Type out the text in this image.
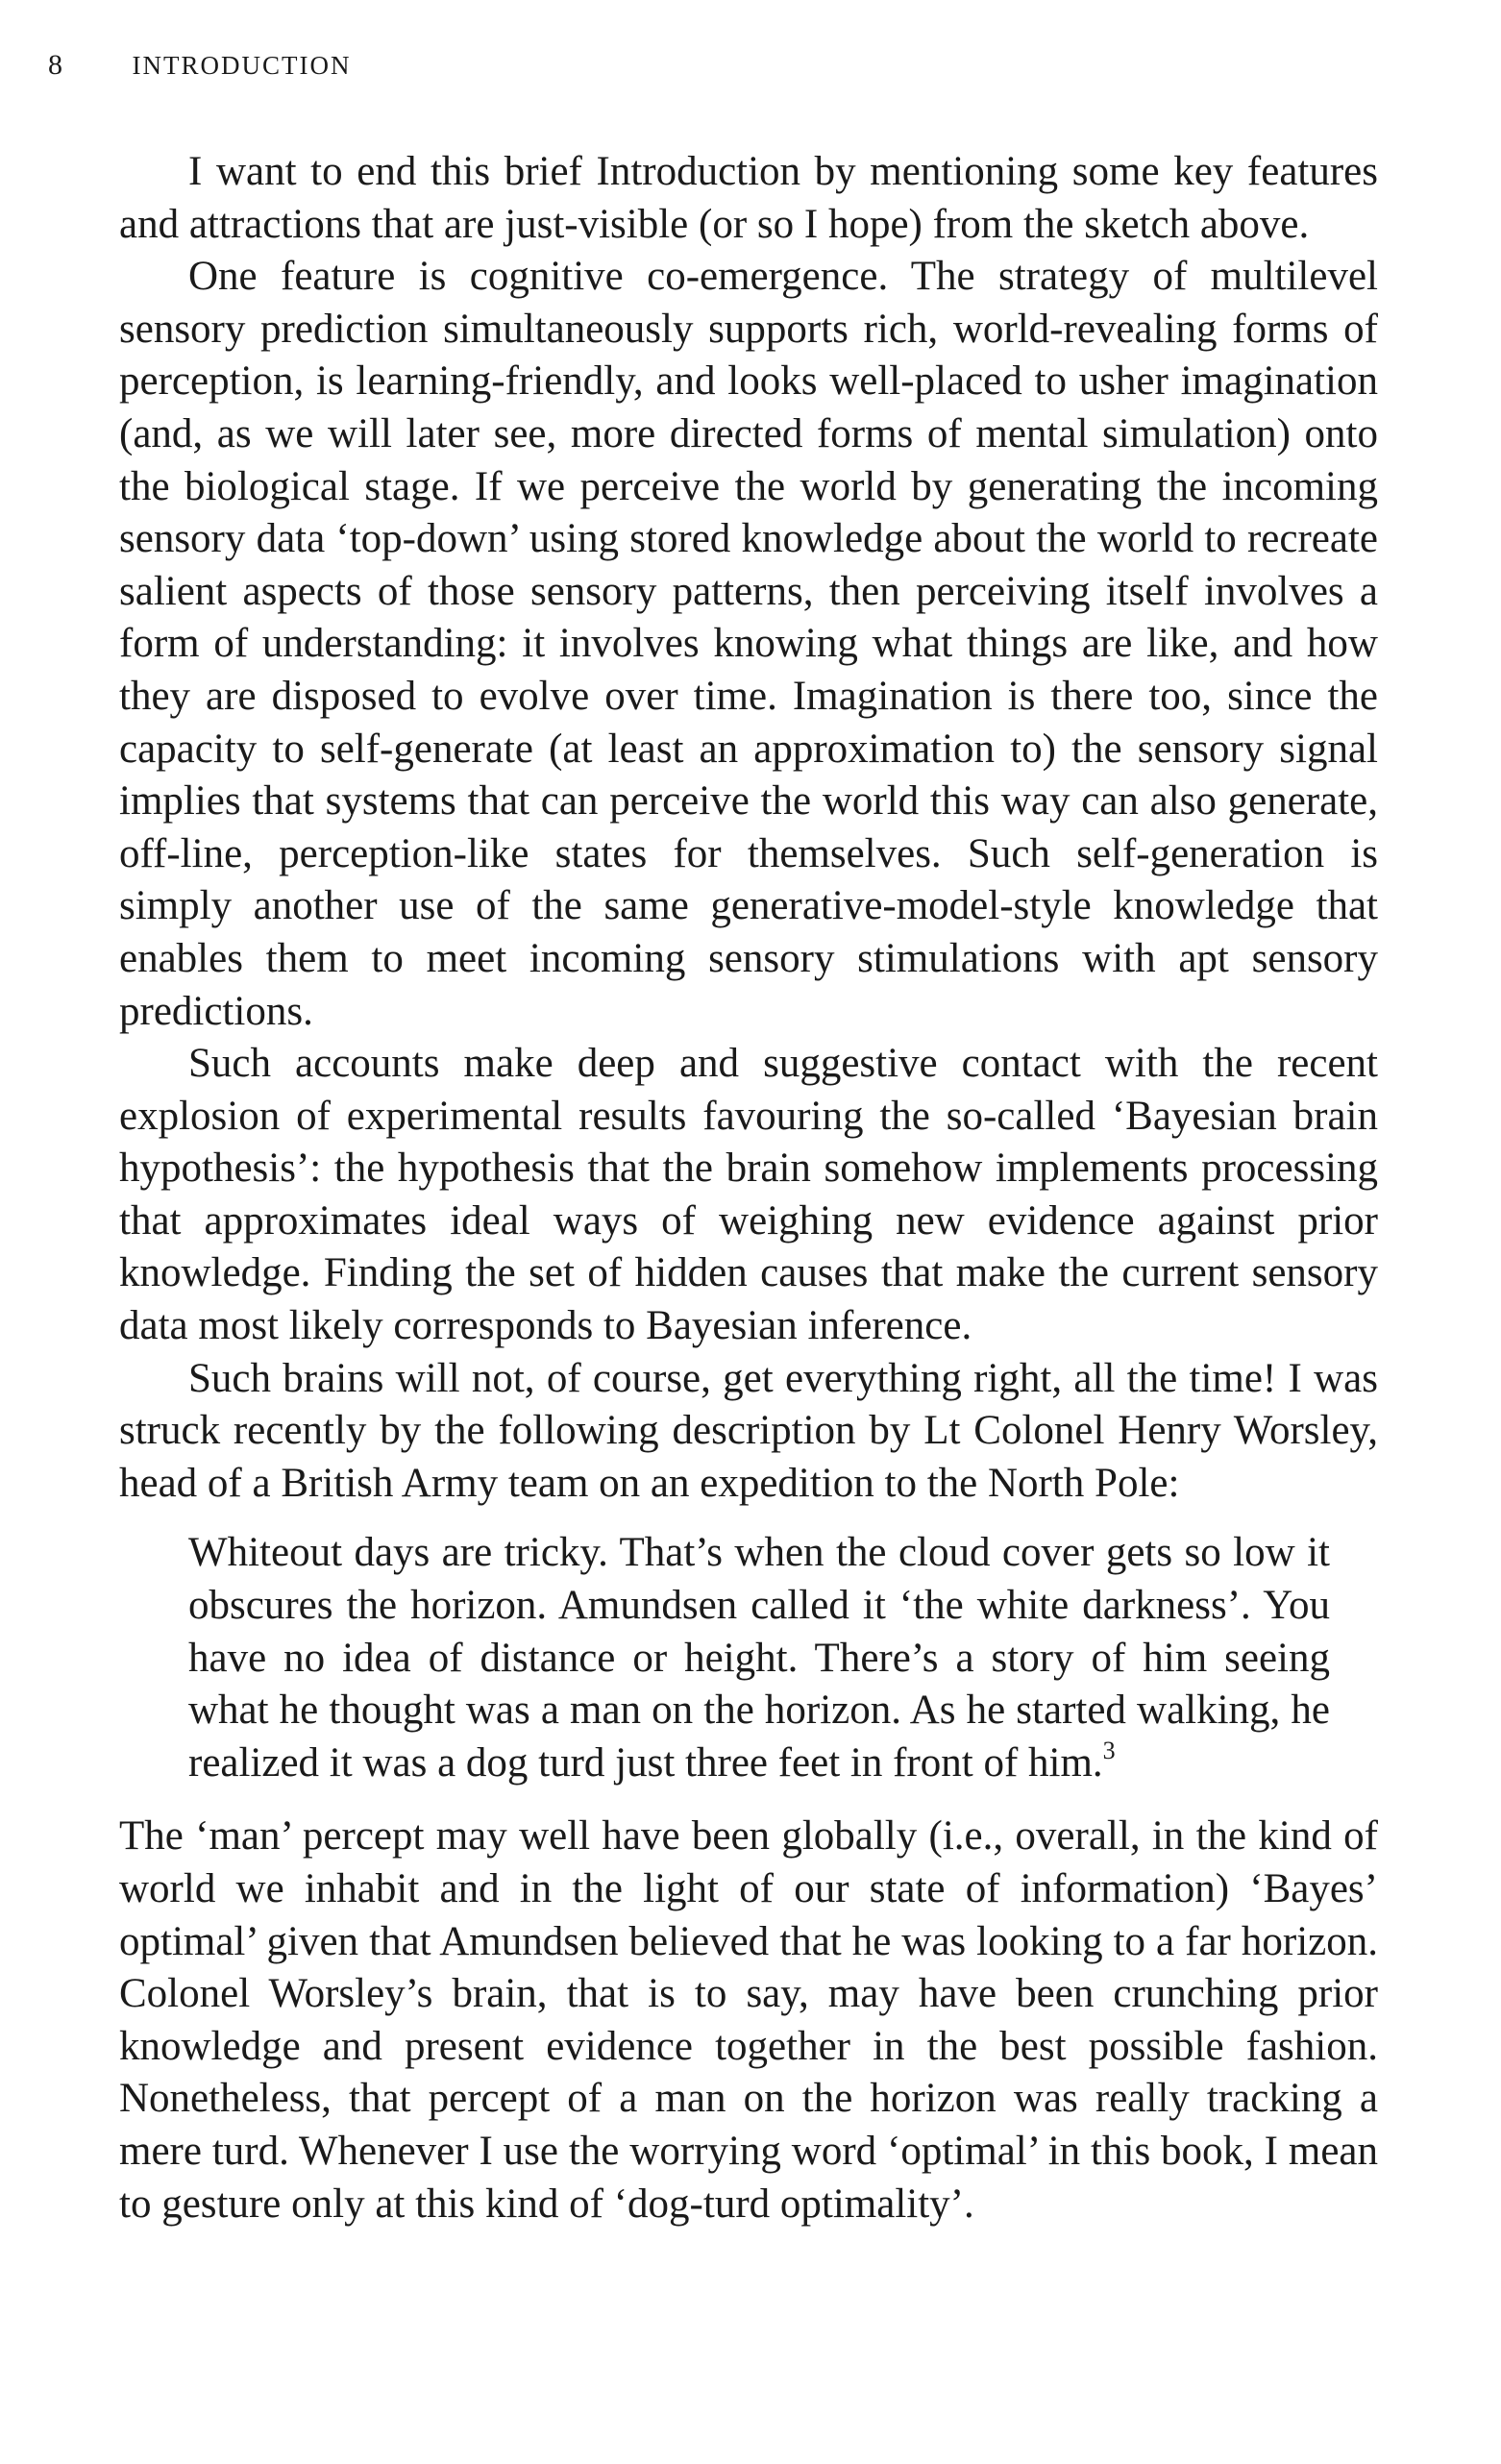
8	INTRODUCTION

I want to end this brief Introduction by mentioning some key features and attractions that are just-visible (or so I hope) from the sketch above.

One feature is cognitive co-emergence. The strategy of multilevel sensory prediction simultaneously supports rich, world-revealing forms of perception, is learning-friendly, and looks well-placed to usher imagination (and, as we will later see, more directed forms of mental simulation) onto the biological stage. If we perceive the world by generating the incoming sensory data ‘top-down’ using stored knowledge about the world to recreate salient aspects of those sensory patterns, then perceiving itself involves a form of understanding: it involves knowing what things are like, and how they are disposed to evolve over time. Imagination is there too, since the capacity to self-generate (at least an approximation to) the sensory signal implies that systems that can perceive the world this way can also generate, off-line, perception-like states for themselves. Such self-generation is simply another use of the same generative-model-style knowledge that enables them to meet incoming sensory stimulations with apt sensory predictions.

Such accounts make deep and suggestive contact with the recent explosion of experimental results favouring the so-called ‘Bayesian brain hypothesis’: the hypothesis that the brain somehow implements processing that approximates ideal ways of weighing new evidence against prior knowledge. Finding the set of hidden causes that make the current sensory data most likely corresponds to Bayesian inference.

Such brains will not, of course, get everything right, all the time! I was struck recently by the following description by Lt Colonel Henry Worsley, head of a British Army team on an expedition to the North Pole:

Whiteout days are tricky. That’s when the cloud cover gets so low it obscures the horizon. Amundsen called it ‘the white darkness’. You have no idea of distance or height. There’s a story of him seeing what he thought was a man on the horizon. As he started walking, he realized it was a dog turd just three feet in front of him.$^3$

The ‘man’ percept may well have been globally (i.e., overall, in the kind of world we inhabit and in the light of our state of information) ‘Bayes’ optimal’ given that Amundsen believed that he was looking to a far horizon. Colonel Worsley’s brain, that is to say, may have been crunching prior knowledge and present evidence together in the best possible fashion. Nonetheless, that percept of a man on the horizon was really tracking a mere turd. Whenever I use the worrying word ‘optimal’ in this book, I mean to gesture only at this kind of ‘dog-turd optimality’.
